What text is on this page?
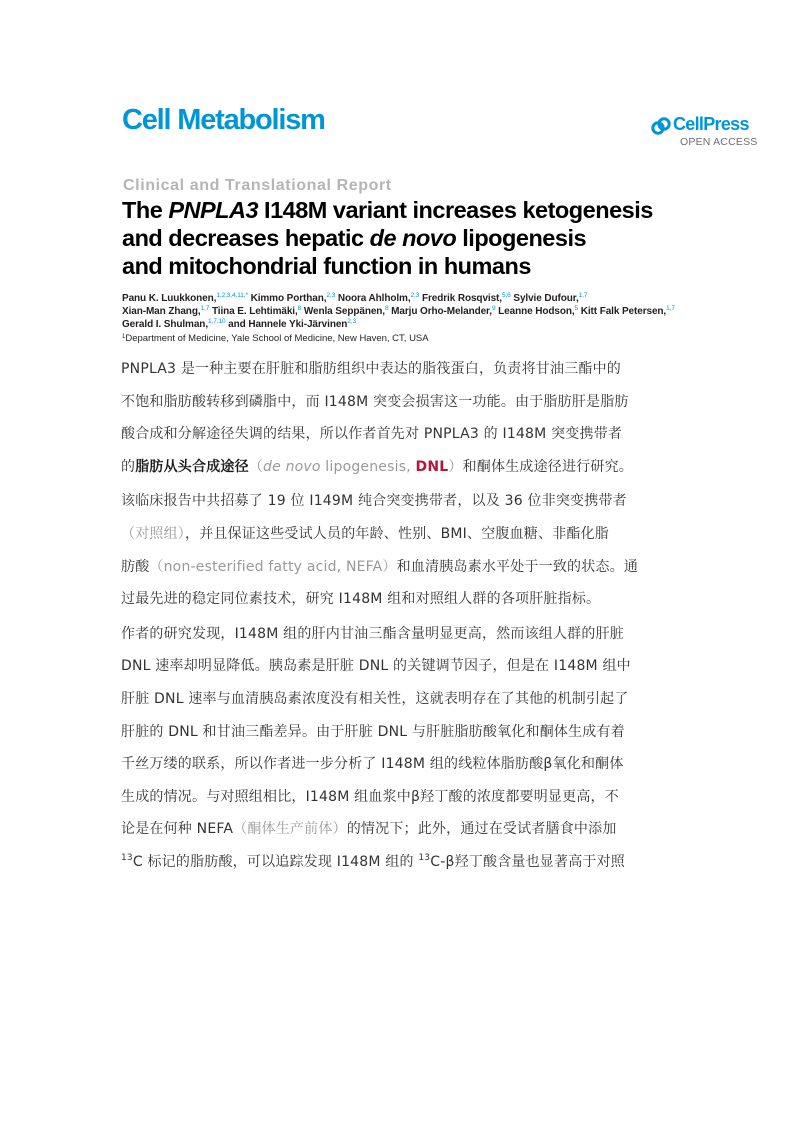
Cell Metabolism	CellPress
OPEN ACCESS
Clinical and Translational Report
The PNPLA3 I148M variant increases ketogenesis
and decreases hepatic de novo lipogenesis
and mitochondrial function in humans
Panu K. Luukkonen,$^{1,2,3,4,11,*}$ Kimmo Porthan,$^{2,3}$ Noora Ahlholm,$^{2,3}$ Fredrik Rosqvist,$^{5,6}$ Sylvie Dufour,$^{1,7}$
Xian-Man Zhang,$^{1,7}$ Tiina E. Lehtimäki,$^8$ Wenla Seppänen,$^8$ Marju Orho-Melander,$^9$ Leanne Hodson,$^5$ Kitt Falk Petersen,$^{1,7}$
Gerald I. Shulman,$^{1,7,10}$ and Hannele Yki-Järvinen$^{2,3}$
$^1$Department of Medicine, Yale School of Medicine, New Haven, CT, USA
PNPLA3 是一种主要在肝脏和脂肪组织中表达的脂筏蛋白，负责将甘油三酯中的
不饱和脂肪酸转移到磷脂中，而 I148M 突变会损害这一功能。由于脂肪肝是脂肪
酸合成和分解途径失调的结果，所以作者首先对 PNPLA3 的 I148M 突变携带者
的脂肪从头合成途径（de novo lipogenesis, DNL）和酮体生成途径进行研究。
该临床报告中共招募了 19 位 I149M 纯合突变携带者，以及 36 位非突变携带者
（对照组），并且保证这些受试人员的年龄、性别、BMI、空腹血糖、非酯化脂
肪酸（non-esterified fatty acid, NEFA）和血清胰岛素水平处于一致的状态。通
过最先进的稳定同位素技术，研究 I148M 组和对照组人群的各项肝脏指标。
作者的研究发现，I148M 组的肝内甘油三酯含量明显更高，然而该组人群的肝脏
DNL 速率却明显降低。胰岛素是肝脏 DNL 的关键调节因子，但是在 I148M 组中
肝脏 DNL 速率与血清胰岛素浓度没有相关性，这就表明存在了其他的机制引起了
肝脏的 DNL 和甘油三酯差异。由于肝脏 DNL 与肝脏脂肪酸氧化和酮体生成有着
千丝万缕的联系，所以作者进一步分析了 I148M 组的线粒体脂肪酸β氧化和酮体
生成的情况。与对照组相比，I148M 组血浆中β羟丁酸的浓度都要明显更高，不
论是在何种 NEFA（酮体生产前体）的情况下；此外，通过在受试者膳食中添加
$^{13}$C 标记的脂肪酸，可以追踪发现 I148M 组的 $^{13}$C-β羟丁酸含量也显著高于对照
